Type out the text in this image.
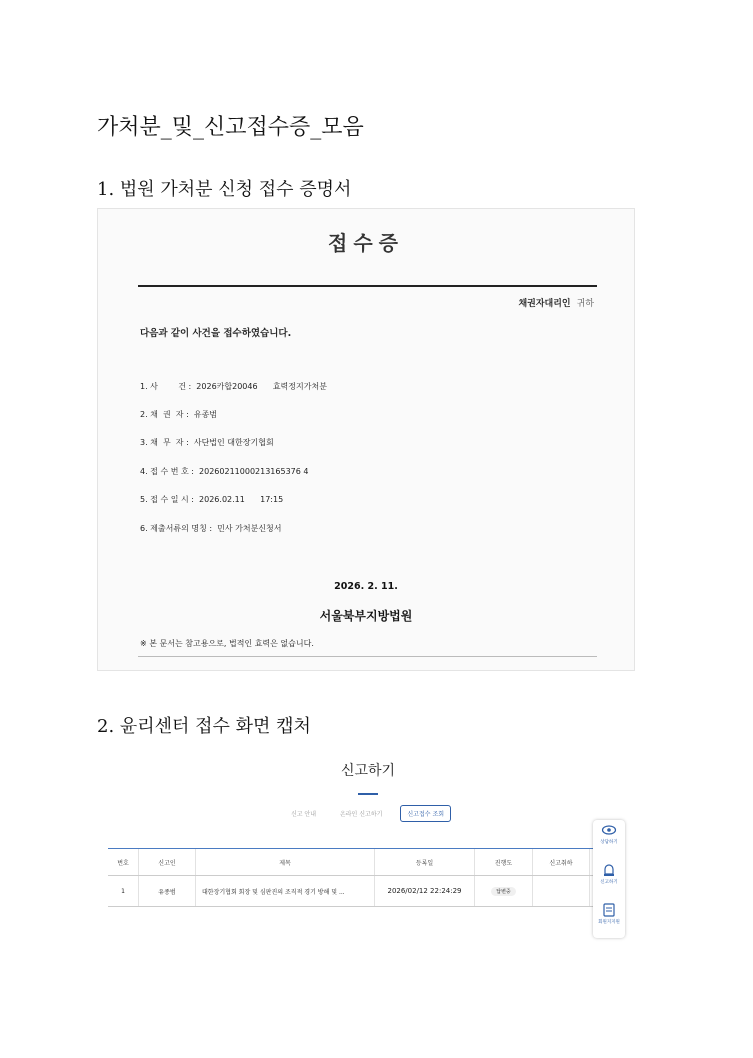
가처분_및_신고접수증_모음
1. 법원 가처분 신청 접수 증명서
접수증
채권자대리인 귀하
다음과 같이 사건을 접수하였습니다.
1. 사        건 :  2026카합20046      효력정지가처분
2. 채  권  자 :  유종범
3. 채  무  자 :  사단법인 대한장기협회
4. 접 수 번 호 :  20260211000213165376 4
5. 접 수 일 시 :  2026.02.11      17:15
6. 제출서류의 명칭 :  민사 가처분신청서
2026. 2. 11.
서울북부지방법원
※ 본 문서는 참고용으로, 법적인 효력은 없습니다.
2. 윤리센터 접수 화면 캡처
신고하기
신고 안내	온라인 신고하기	신고접수 조회
번호	신고인	제목	등록일	진행도	신고취하	
1	유종범	대한장기협회 회장 및 심판진의 조직적 경기 방해 및 ...	2026/02/12 22:24:29	답변중		
상담하기
신고하기
회원지지원
